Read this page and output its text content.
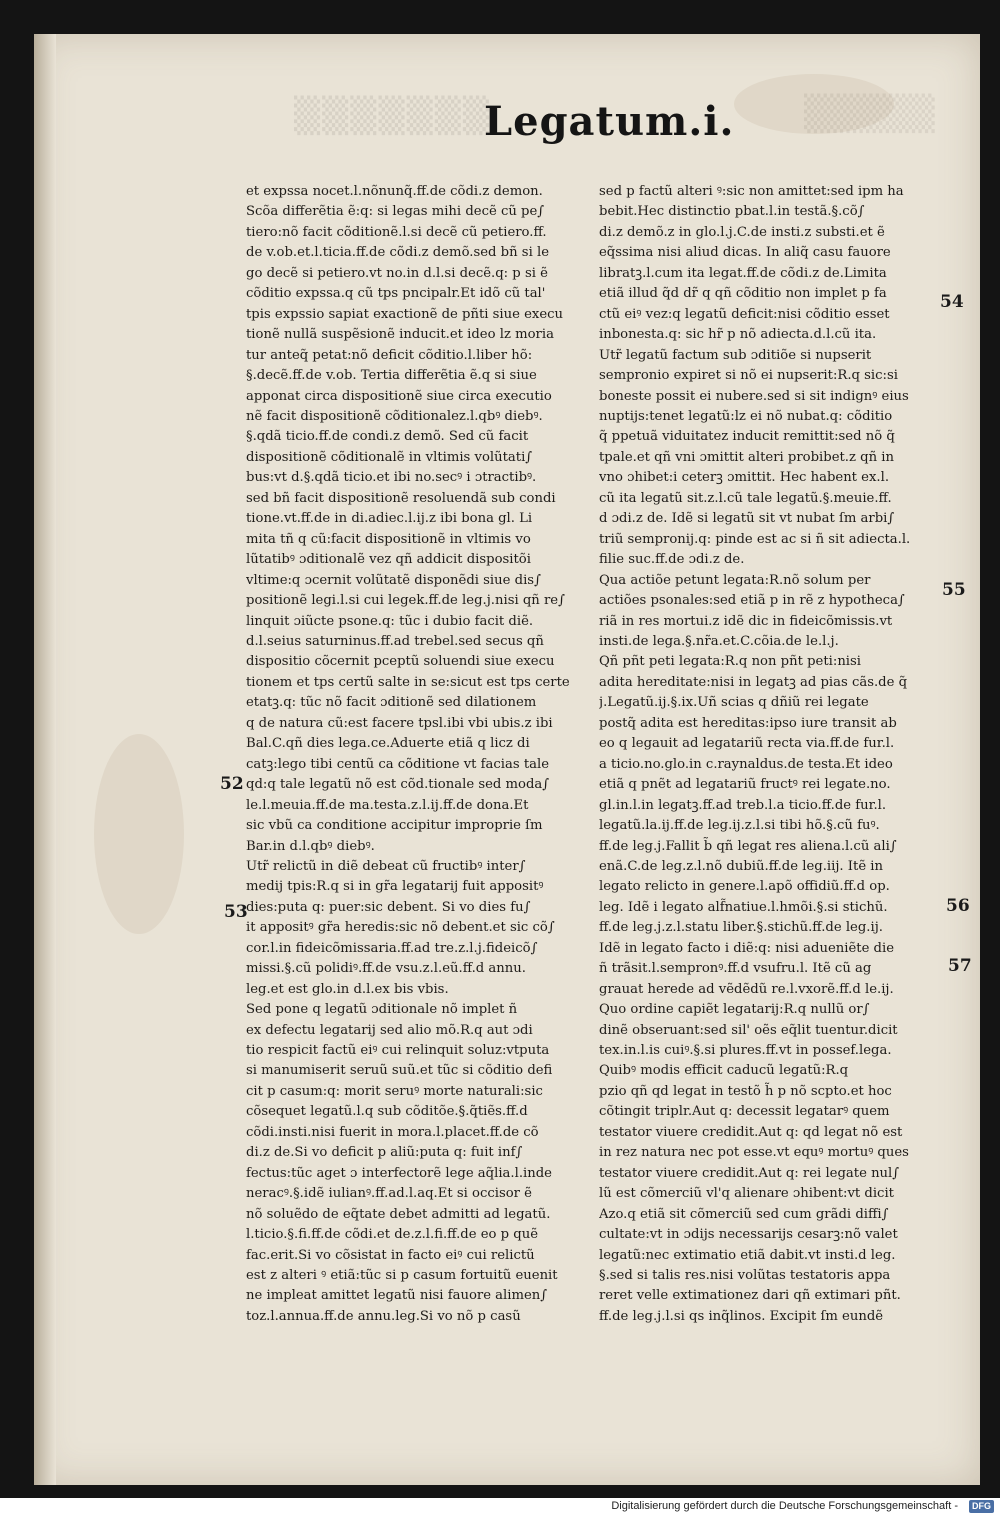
▒▒▒▒▒▒▒	▒▒▒▒▒
Legatum.i.
et expssa nocet.l.nõnunq̃.ff.de cõdi.z demon.
Scõa differẽtia ẽ:q: si legas mihi decẽ cũ pe∫
tiero:nõ facit cõditionẽ.l.si decẽ cũ petiero.ff.
de v.ob.et.l.ticia.ff.de cõdi.z demõ.sed bñ si le
go decẽ si petiero.vt no.in d.l.si decẽ.q: p si ẽ
cõditio expssa.q cũ tps pncipalr.Et idõ cũ tal'
tpis expssio sapiat exactionẽ de pñti siue execu
tionẽ nullã suspẽsionẽ inducit.et ideo lz moria
tur anteq̃ petat:nõ deficit cõditio.l.liber hõ:
§.decẽ.ff.de v.ob. Tertia differẽtia ẽ.q si siue
apponat circa dispositionẽ siue circa executio
nẽ facit dispositionẽ cõditionalez.l.qbꝰ diebꝰ.
§.qdã ticio.ff.de condi.z demõ. Sed cũ facit
dispositionẽ cõditionalẽ in vltimis volũtati∫
bus:vt d.§.qdã ticio.et ibi no.secꝰ i ɔtractibꝰ.
sed bñ facit dispositionẽ resoluendã sub condi
tione.vt.ff.de in di.adiec.l.ij.z ibi bona gl. Li
mita tñ q cũ:facit dispositionẽ in vltimis vo
lũtatibꝰ ɔditionalẽ vez qñ addicit dispositõi
vltime:q ɔcernit volũtatẽ disponẽdi siue dis∫
positionẽ legi.l.si cui legek.ff.de leg.j.nisi qñ re∫
linquit ɔiũcte psone.q: tũc i dubio facit diẽ.
d.l.seius saturninus.ff.ad trebel.sed secus qñ
dispositio cõcernit pceptũ soluendi siue execu
tionem et tps certũ salte in se:sicut est tps certe
etatꝫ.q: tũc nõ facit ɔditionẽ sed dilationem
q de natura cũ:est facere tpsl.ibi vbi ubis.z ibi
Bal.C.qñ dies lega.ce.Aduerte etiã q licz di
catꝫ:lego tibi centũ ca cõditione vt facias tale
qd:q tale legatũ nõ est cõd.tionale sed moda∫
le.l.meuia.ff.de ma.testa.z.l.ij.ff.de dona.Et
sic vbũ ca conditione accipitur improprie ſm
Bar.in d.l.qbꝰ diebꝰ.
Utr̃ relictũ in diẽ debeat cũ fructibꝰ inter∫
medij tpis:R.q si in gr̃a legatarij fuit appositꝰ
dies:puta q: puer:sic debent. Si vo dies fu∫
it appositꝰ gr̃a heredis:sic nõ debent.et sic cõ∫
cor.l.in fideicõmissaria.ff.ad tre.z.l.j.fideicõ∫
missi.§.cũ polidiꝰ.ff.de vsu.z.l.eũ.ff.d annu.
leg.et est glo.in d.l.ex bis vbis.
Sed pone q legatũ ɔditionale nõ implet ñ
ex defectu legatarij sed alio mõ.R.q aut ɔdi
tio respicit factũ eiꝰ cui relinquit soluz:vtputa
si manumiserit seruũ suũ.et tũc si cõditio defi
cit p casum:q: morit seruꝰ morte naturali:sic
cõsequet legatũ.l.q sub cõditõe.§.q̃tiẽs.ff.d
cõdi.insti.nisi fuerit in mora.l.placet.ff.de cõ
di.z de.Si vo deficit p aliũ:puta q: fuit inf∫
fectus:tũc aget ɔ interfectorẽ lege aq̃lia.l.inde
neracꝰ.§.idẽ iulianꝰ.ff.ad.l.aq.Et si occisor ẽ
nõ soluẽdo de eq̃tate debet admitti ad legatũ.
l.ticio.§.fi.ff.de cõdi.et de.z.l.fi.ff.de eo p quẽ
fac.erit.Si vo cõsistat in facto eiꝰ cui relictũ
est z alteri ꝰ etiã:tũc si p casum fortuitũ euenit
ne impleat amittet legatũ nisi fauore alimen∫
toz.l.annua.ff.de annu.leg.Si vo nõ p casũ
sed p factũ alteri ꝰ:sic non amittet:sed ipm ha
bebit.Hec distinctio pbat.l.in testã.§.cõ∫
di.z demõ.z in glo.l.j.C.de insti.z substi.et ẽ
eq̃ssima nisi aliud dicas. In aliq̃ casu fauore
libratꝫ.l.cum ita legat.ff.de cõdi.z de.Limita
etiã illud q̃d dr̃ q qñ cõditio non implet p fa
ctũ eiꝰ vez:q legatũ deficit:nisi cõditio esset
inbonesta.q: sic hr̃ p nõ adiecta.d.l.cũ ita.
Utr̃ legatũ factum sub ɔditiõe si nupserit
sempronio expiret si nõ ei nupserit:R.q sic:si
boneste possit ei nubere.sed si sit indignꝰ eius
nuptijs:tenet legatũ:lz ei nõ nubat.q: cõditio
q̃ ppetuã viduitatez inducit remittit:sed nõ q̃
tpale.et qñ vni ɔmittit alteri probibet.z qñ in
vno ɔhibet:i ceterꝫ ɔmittit. Hec habent ex.l.
cũ ita legatũ sit.z.l.cũ tale legatũ.§.meuie.ff.
d ɔdi.z de. Idẽ si legatũ sit vt nubat ſm arbi∫
triũ sempronij.q: pinde est ac si ñ sit adiecta.l.
filie suc.ff.de ɔdi.z de.
Qua actiõe petunt legata:R.nõ solum per
actiões psonales:sed etiã p in rẽ z hypotheca∫
riã in res mortui.z idẽ dic in fideicõmissis.vt
insti.de lega.§.nr̃a.et.C.cõia.de le.l.j.
Qñ pñt peti legata:R.q non pñt peti:nisi
adita hereditate:nisi in legatꝫ ad pias cãs.de q̃
j.Legatũ.ij.§.ix.Uñ scias q dñiũ rei legate
postq̃ adita est hereditas:ipso iure transit ab
eo q legauit ad legatariũ recta via.ff.de fur.l.
a ticio.no.glo.in c.raynaldus.de testa.Et ideo
etiã q pnẽt ad legatariũ fructꝰ rei legate.no.
gl.in.l.in legatꝫ.ff.ad treb.l.a ticio.ff.de fur.l.
legatũ.la.ij.ff.de leg.ij.z.l.si tibi hõ.§.cũ fuꝰ.
ff.de leg.j.Fallit b̃ qñ legat res aliena.l.cũ ali∫
enã.C.de leg.z.l.nõ dubiũ.ff.de leg.iij. Itẽ in
legato relicto in genere.l.apõ offidiũ.ff.d op.
leg. Idẽ i legato alf̃natiue.l.hmõi.§.si stichũ.
ff.de leg.j.z.l.statu liber.§.stichũ.ff.de leg.ij.
Idẽ in legato facto i diẽ:q: nisi adueniẽte die
ñ trãsit.l.sempronꝰ.ff.d vsufru.l. Itẽ cũ ag
grauat herede ad vẽdẽdũ re.l.vxorẽ.ff.d le.ij.
Quo ordine capiẽt legatarij:R.q nullũ or∫
dinẽ obseruant:sed sil' oẽs eq̃lit tuentur.dicit
tex.in.l.is cuiꝰ.§.si plures.ff.vt in possef.lega.
Quibꝰ modis efficit caducũ legatũ:R.q
pzio qñ qd legat in testõ h̃ p nõ scpto.et hoc
cõtingit triplr.Aut q: decessit legatarꝰ quem
testator viuere credidit.Aut q: qd legat nõ est
in rez natura nec pot esse.vt equꝰ mortuꝰ ques
testator viuere credidit.Aut q: rei legate nul∫
lũ est cõmerciũ vl'q alienare ɔhibent:vt dicit
Azo.q etiã sit cõmerciũ sed cum grãdi diffi∫
cultate:vt in ɔdijs necessarijs cesarꝫ:nõ valet
legatũ:nec extimatio etiã dabit.vt insti.d leg.
§.sed si talis res.nisi volũtas testatoris appa
reret velle extimationez dari qñ extimari pñt.
ff.de leg.j.l.si qs inq̃linos. Excipit ſm eundẽ
52
53
54
55
56
57
Digitalisierung gefördert durch die Deutsche Forschungsgemeinschaft -	DFG
